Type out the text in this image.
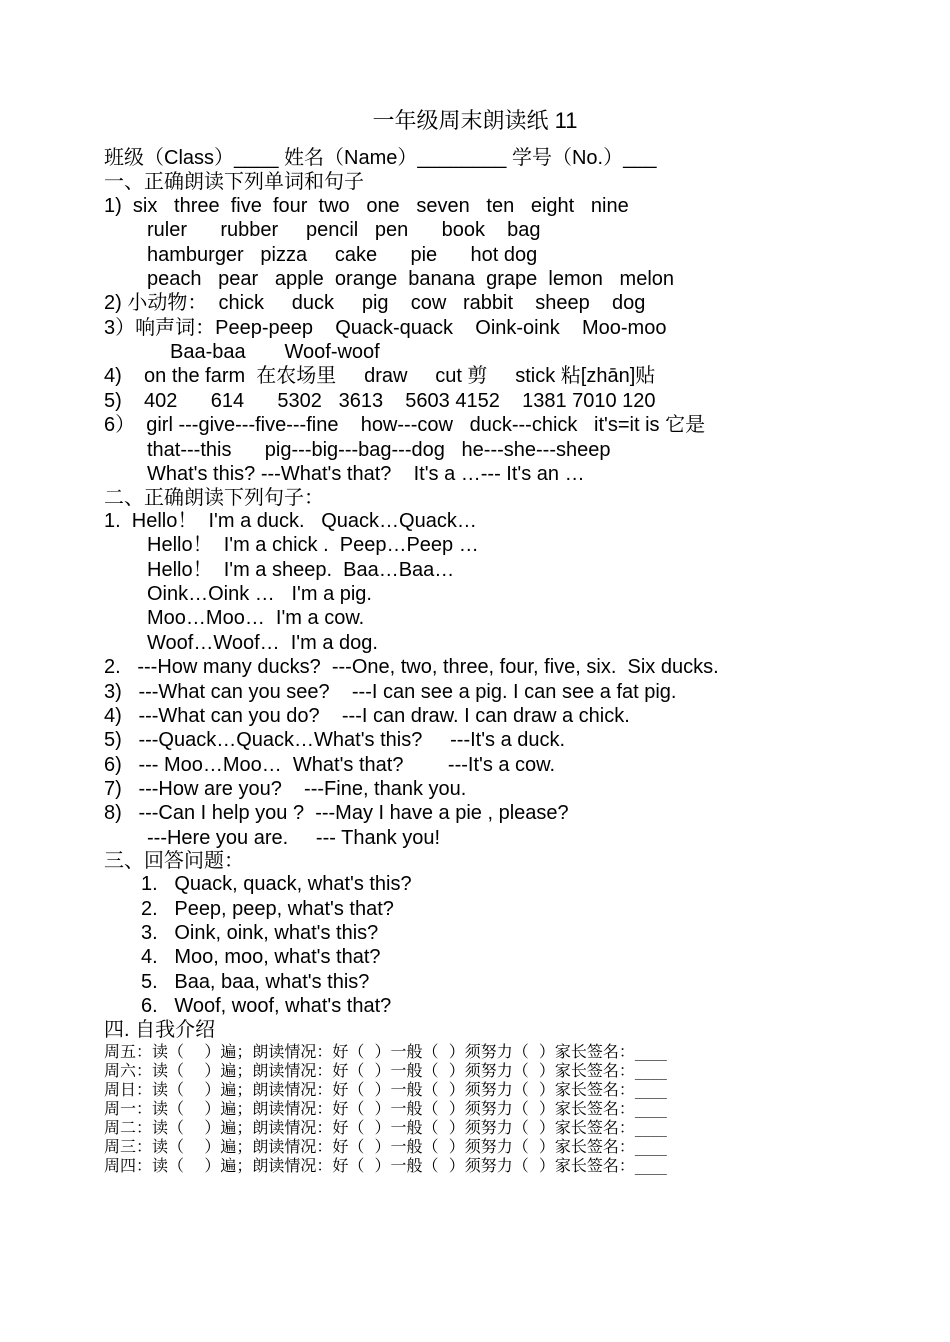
一年级周末朗读纸 11
班级（Class）____ 姓名（Name）________ 学号（No.）___
一、正确朗读下列单词和句子
1)  six   three  five  four  two   one   seven   ten   eight   nine
ruler      rubber     pencil   pen      book    bag
hamburger   pizza     cake      pie      hot dog
peach   pear   apple  orange  banana  grape  lemon   melon
2) 小动物：  chick     duck     pig    cow   rabbit    sheep    dog
3）响声词：Peep-peep    Quack-quack    Oink-oink    Moo-moo
Baa-baa       Woof-woof
4)    on the farm  在农场里     draw     cut 剪     stick 粘[zhān]贴
5)    402      614      5302   3613    5603 4152    1381 7010 120
6）  girl ---give---five---fine    how---cow   duck---chick   it's=it is 它是
that---this      pig---big---bag---dog   he---she---sheep
What's this? ---What's that?    It's a …--- It's an …
二、正确朗读下列句子：
1.  Hello！  I'm a duck.   Quack…Quack…
Hello！  I'm a chick .  Peep…Peep …
Hello！  I'm a sheep.  Baa…Baa…
Oink…Oink …   I'm a pig.
Moo…Moo…  I'm a cow.
Woof…Woof…  I'm a dog.
2.   ---How many ducks?  ---One, two, three, four, five, six.  Six ducks.
3)   ---What can you see?    ---I can see a pig. I can see a fat pig.
4)   ---What can you do?    ---I can draw. I can draw a chick.
5)   ---Quack…Quack…What's this?     ---It's a duck.
6)   --- Moo…Moo…  What's that?        ---It's a cow.
7)   ---How are you?    ---Fine, thank you.
8)   ---Can I help you ?  ---May I have a pie , please?
---Here you are.     --- Thank you!
三、回答问题：
1.   Quack, quack, what's this?
2.   Peep, peep, what's that?
3.   Oink, oink, what's this?
4.   Moo, moo, what's that?
5.   Baa, baa, what's this?
6.   Woof, woof, what's that?
四. 自我介绍
周五：读（    ）遍；朗读情况：好（  ）一般（  ）须努力（  ）家长签名：____
周六：读（    ）遍；朗读情况：好（  ）一般（  ）须努力（  ）家长签名：____
周日：读（    ）遍；朗读情况：好（  ）一般（  ）须努力（  ）家长签名：____
周一：读（    ）遍；朗读情况：好（  ）一般（  ）须努力（  ）家长签名：____
周二：读（    ）遍；朗读情况：好（  ）一般（  ）须努力（  ）家长签名：____
周三：读（    ）遍；朗读情况：好（  ）一般（  ）须努力（  ）家长签名：____
周四：读（    ）遍；朗读情况：好（  ）一般（  ）须努力（  ）家长签名：____
